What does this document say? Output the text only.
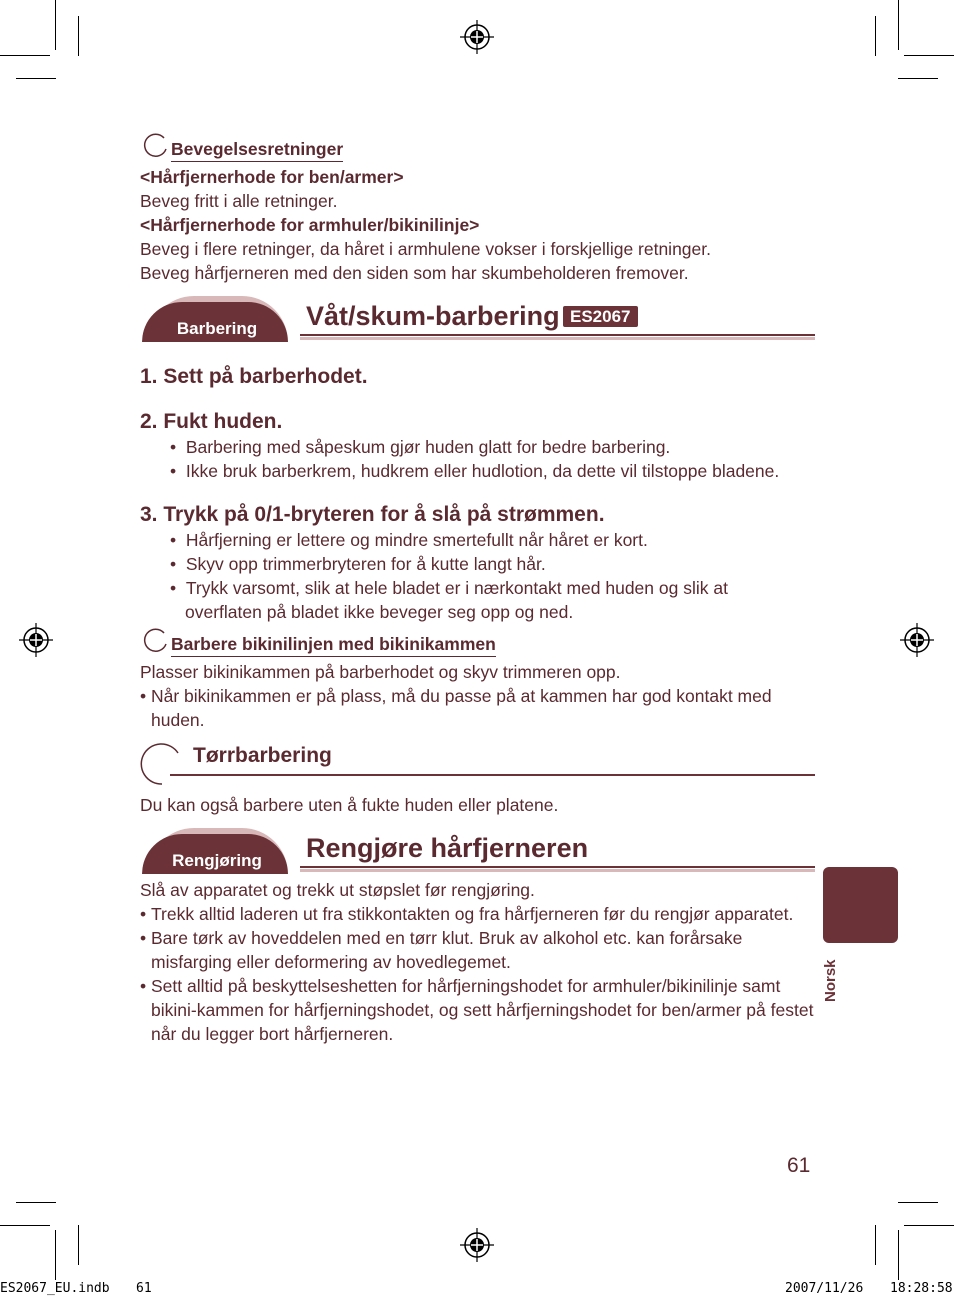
Bevegelsesretninger
<Hårfjernerhode for ben/armer>
Beveg fritt i alle retninger.
<Hårfjernerhode for armhuler/bikinilinje>
Beveg i flere retninger, da håret i armhulene vokser i forskjellige retninger.
Beveg hårfjerneren med den siden som har skumbeholderen fremover.
Barbering	Våt/skum-barbering ES2067
1. Sett på barberhodet.
2. Fukt huden.
•  Barbering med såpeskum gjør huden glatt for bedre barbering.
•  Ikke bruk barberkrem, hudkrem eller hudlotion, da dette vil tilstoppe bladene.
3. Trykk på 0/1-bryteren for å slå på strømmen.
•  Hårfjerning er lettere og mindre smertefullt når håret er kort.
•  Skyv opp trimmerbryteren for å kutte langt hår.
•  Trykk varsomt, slik at hele bladet er i nærkontakt med huden og slik at overflaten på bladet ikke beveger seg opp og ned.
Barbere bikinilinjen med bikinikammen
Plasser bikinikammen på barberhodet og skyv trimmeren opp.
• Når bikinikammen er på plass, må du passe på at kammen har god kontakt med huden.
Tørrbarbering
Du kan også barbere uten å fukte huden eller platene.
Rengjøring	Rengjøre hårfjerneren
Slå av apparatet og trekk ut støpslet før rengjøring.
• Trekk alltid laderen ut fra stikkontakten og fra hårfjerneren før du rengjør apparatet.
• Bare tørk av hoveddelen med en tørr klut. Bruk av alkohol etc. kan forårsake misfarging eller deformering av hovedlegemet.
• Sett alltid på beskyttelseshetten for hårfjerningshodet for armhuler/bikinilinje samt bikini-kammen for hårfjerningshodet, og sett hårfjerningshodet for ben/armer på festet når du legger bort hårfjerneren.
Norsk
61
ES2067_EU.indb 61	2007/11/26 18:28:58
